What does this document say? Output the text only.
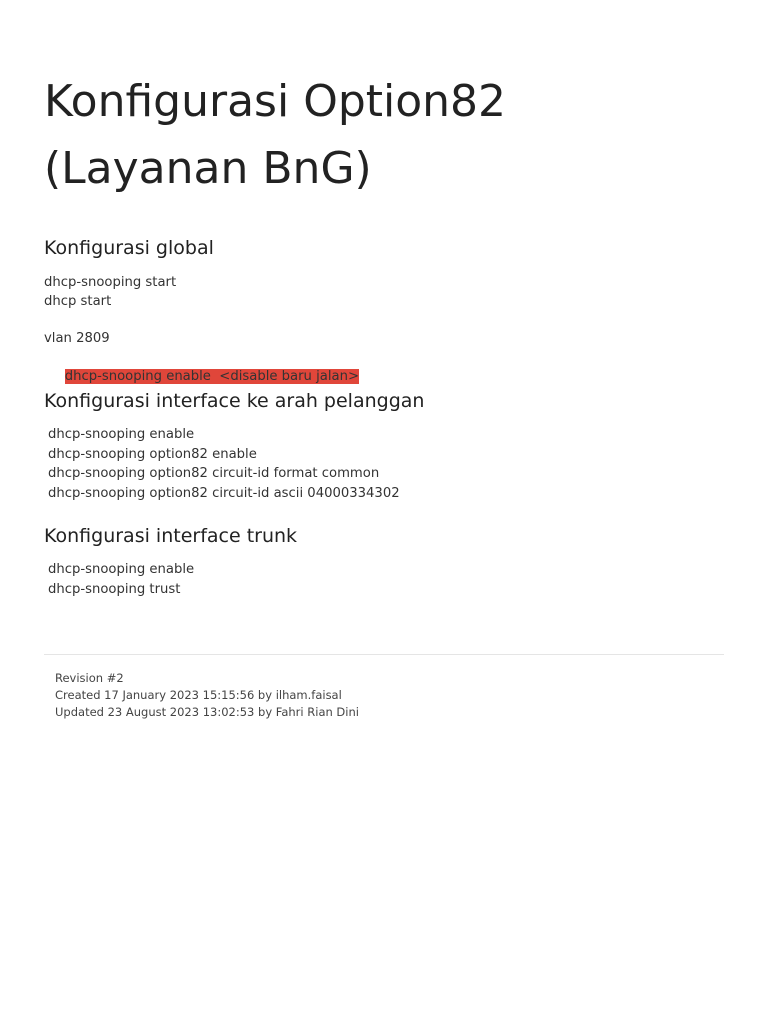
Konfigurasi Option82 (Layanan BnG)
Konfigurasi global
dhcp-snooping start
dhcp start
vlan 2809

dhcp-snooping enable  <disable baru jalan>

Konfigurasi interface ke arah pelanggan
dhcp-snooping enable
dhcp-snooping option82 enable
dhcp-snooping option82 circuit-id format common
dhcp-snooping option82 circuit-id ascii 04000334302
Konfigurasi interface trunk
dhcp-snooping enable
dhcp-snooping trust
Revision #2
Created 17 January 2023 15:15:56 by ilham.faisal
Updated 23 August 2023 13:02:53 by Fahri Rian Dini
